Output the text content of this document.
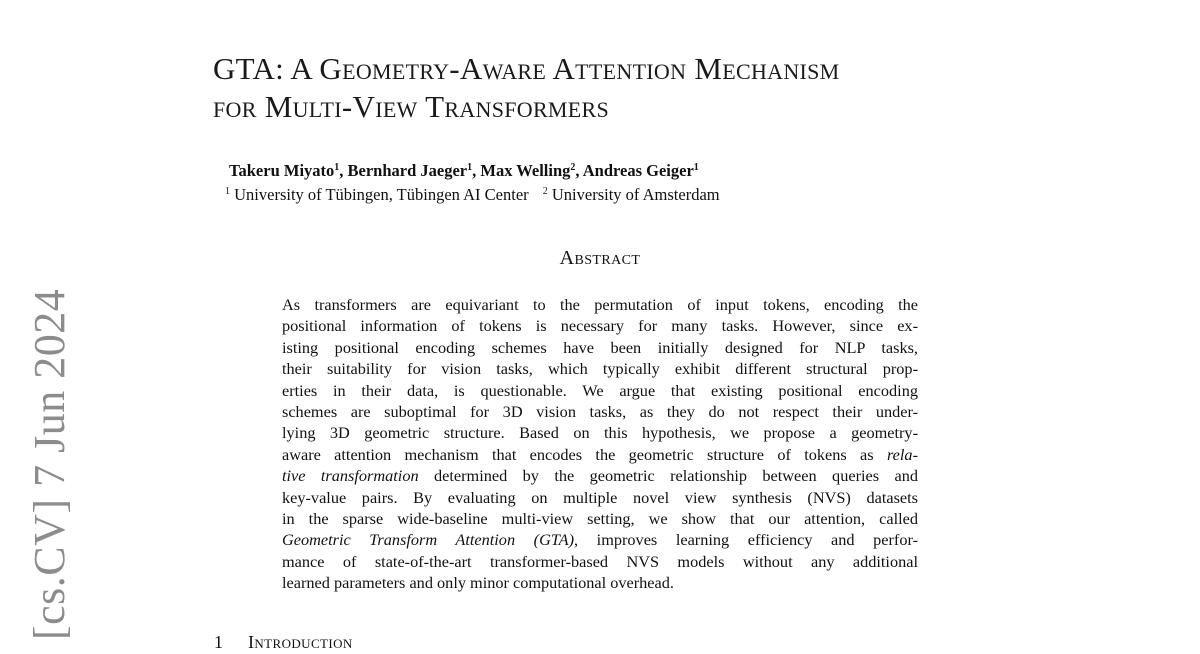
[cs.CV] 7 Jun 2024
GTA: A Geometry-Aware Attention Mechanism
for Multi-View Transformers
Takeru Miyato$^1$, Bernhard Jaeger$^1$, Max Welling$^2$, Andreas Geiger$^1$
$^1$ University of Tübingen, Tübingen AI Center $^2$ University of Amsterdam
Abstract
As transformers are equivariant to the permutation of input tokens, encoding the
positional information of tokens is necessary for many tasks. However, since ex-
isting positional encoding schemes have been initially designed for NLP tasks,
their suitability for vision tasks, which typically exhibit different structural prop-
erties in their data, is questionable. We argue that existing positional encoding
schemes are suboptimal for 3D vision tasks, as they do not respect their under-
lying 3D geometric structure. Based on this hypothesis, we propose a geometry-
aware attention mechanism that encodes the geometric structure of tokens as rela-
tive transformation determined by the geometric relationship between queries and
key-value pairs. By evaluating on multiple novel view synthesis (NVS) datasets
in the sparse wide-baseline multi-view setting, we show that our attention, called
Geometric Transform Attention (GTA), improves learning efficiency and perfor-
mance of state-of-the-art transformer-based NVS models without any additional
learned parameters and only minor computational overhead.
1 Introduction
